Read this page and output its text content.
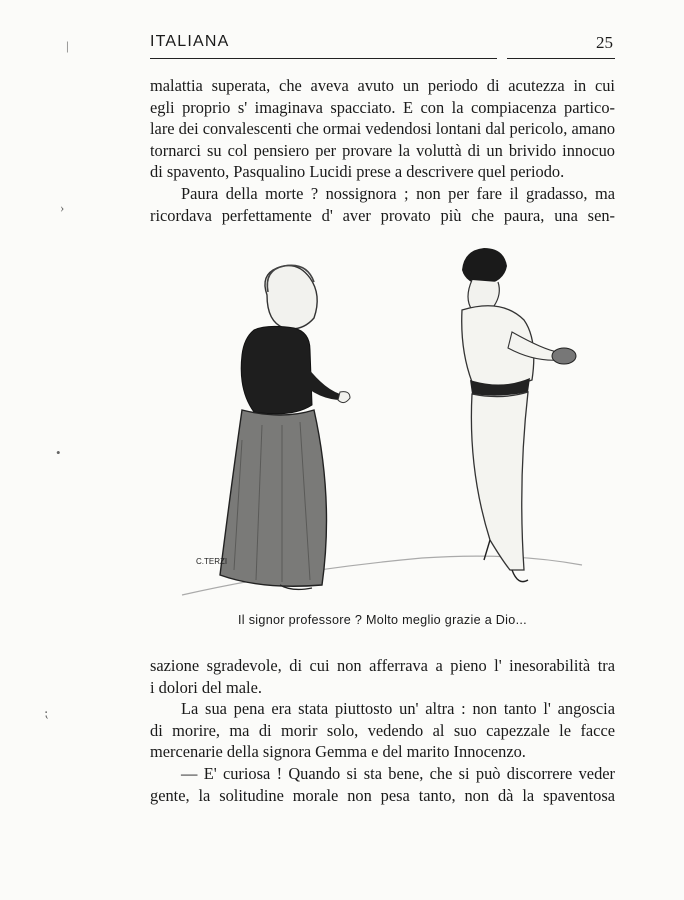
ITALIANA	25
|
›
•
⁏
malattia superata, che aveva avuto un periodo di acutezza in cui
egli proprio s' imaginava spacciato. E con la compiacenza partico-
lare dei convalescenti che ormai vedendosi lontani dal pericolo, amano
tornarci su col pensiero per provare la voluttà di un brivido innocuo
di spavento, Pasqualino Lucidi prese a descrivere quel periodo.
Paura della morte ? nossignora ; non per fare il gradasso, ma
ricordava perfettamente d' aver provato più che paura, una sen-
C.TERZI
Il signor professore ? Molto meglio grazie a Dio...
sazione sgradevole, di cui non afferrava a pieno l' inesorabilità tra
i dolori del male.
La sua pena era stata piuttosto un' altra : non tanto l' angoscia
di morire, ma di morir solo, vedendo al suo capezzale le facce
mercenarie della signora Gemma e del marito Innocenzo.
— E' curiosa ! Quando si sta bene, che si può discorrere veder
gente, la solitudine morale non pesa tanto, non dà la spaventosa
